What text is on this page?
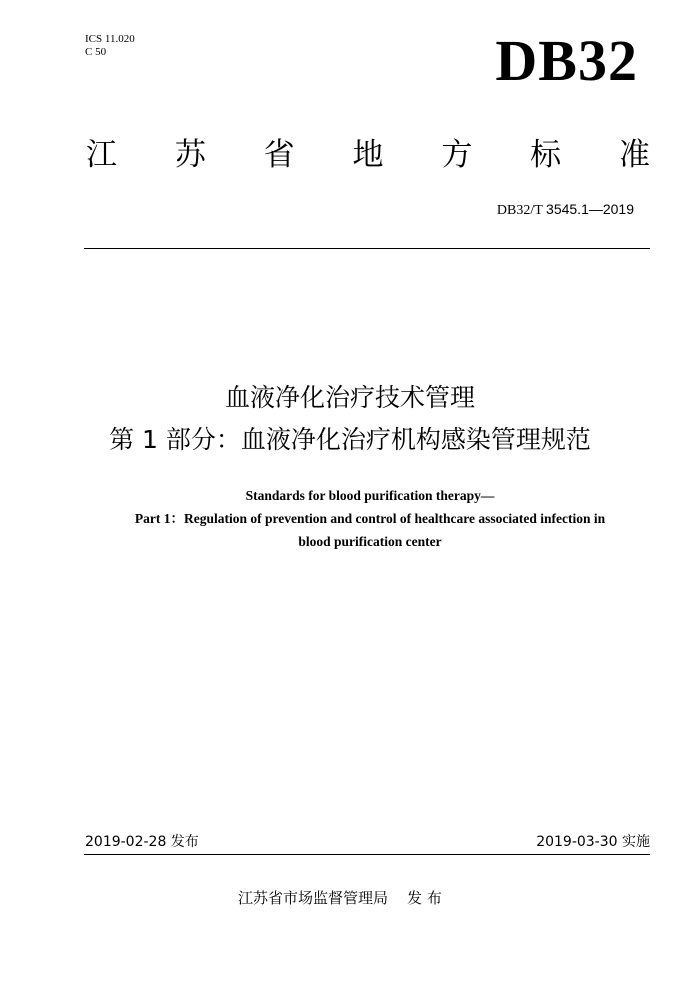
ICS 11.020
C 50	DB32
江 苏 省 地 方 标 准
DB32/T 3545.1—2019
血液净化治疗技术管理
第 1 部分：血液净化治疗机构感染管理规范
Standards for blood purification therapy—
Part 1：Regulation of prevention and control of healthcare associated infection in
blood purification center
2019-02-28 发布	2019-03-30 实施
江苏省市场监督管理局 发 布
